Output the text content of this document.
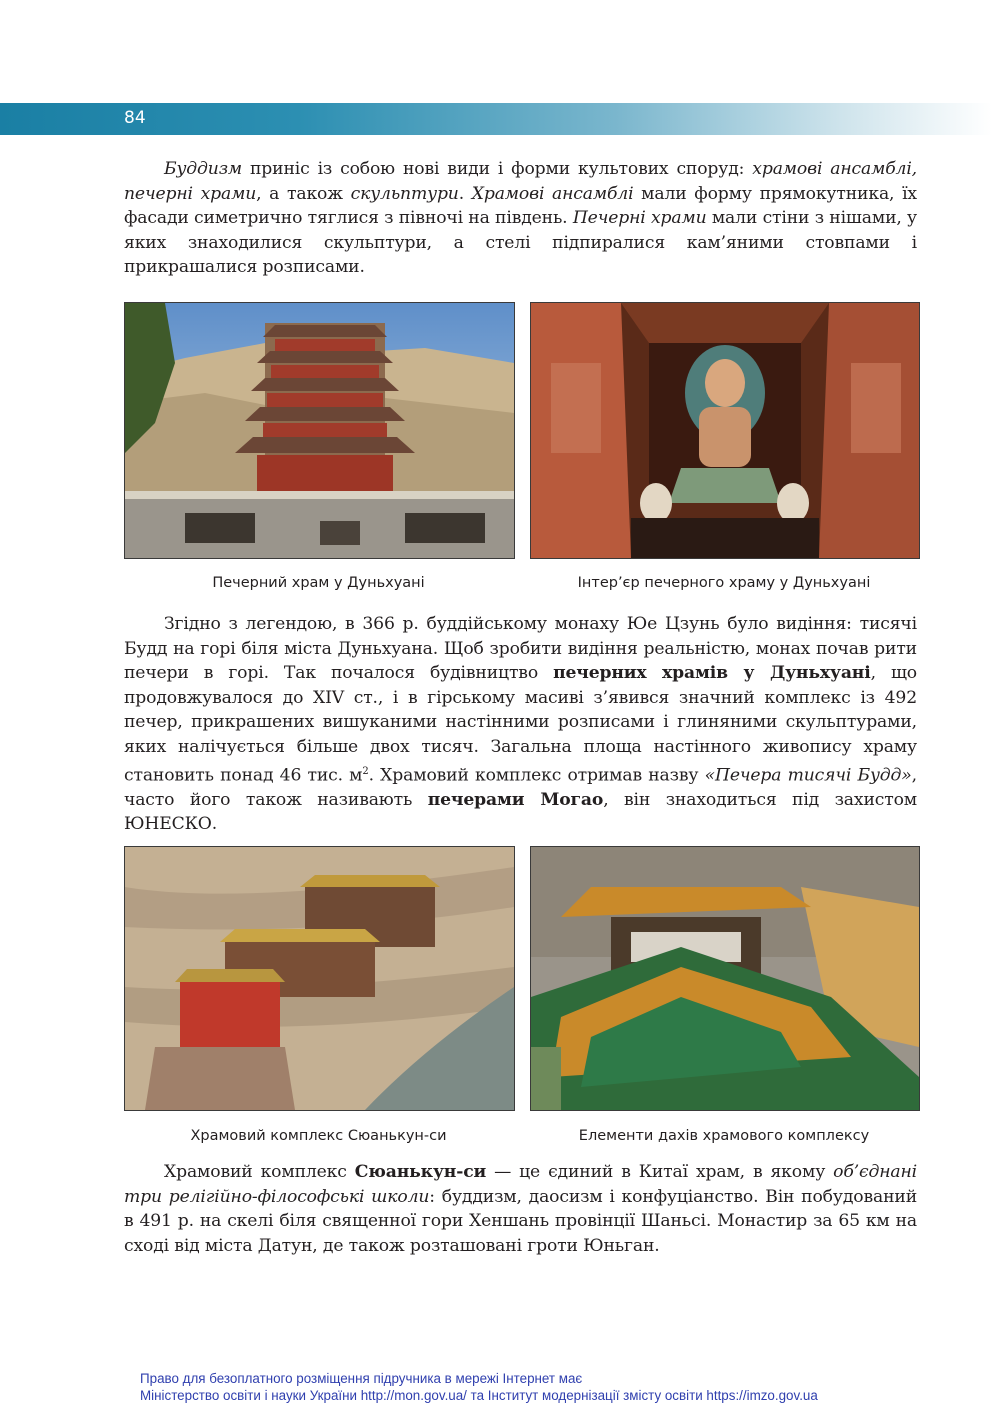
84

Буддизм приніс із собою нові види і форми культових споруд: храмові ансамблі, печерні храми, а також скульптури. Храмові ансамблі мали форму прямокутника, їх фасади симетрично тяглися з півночі на південь. Печерні храми мали стіни з нішами, у яких знаходилися скульптури, а стелі підпиралися кам’яними стовпами і прикрашалися розписами.

Печерний храм у Дуньхуані	Інтер’єр печерного храму у Дуньхуані

Згідно з легендою, в 366 р. буддійському монаху Юе Цзунь було видіння: тисячі Будд на горі біля міста Дуньхуана. Щоб зробити видіння реальністю, монах почав рити печери в горі. Так почалося будівництво печерних храмів у Дуньхуані, що продовжувалося до XIV ст., і в гірському масиві з’явився значний комплекс із 492 печер, прикрашених вишуканими настінними розписами і глиняними скульптурами, яких налічується більше двох тисяч. Загальна площа настінного живопису храму становить понад 46 тис. $м^2$. Храмовий комплекс отримав назву «Печера тисячі Будд», часто його також називають печерами Могао, він знаходиться під захистом ЮНЕСКО.

Храмовий комплекс Сюанькун-си	Елементи дахів храмового комплексу

Храмовий комплекс Сюанькун-си — це єдиний в Китаї храм, в якому об’єднані три релігійно-філософські школи: буддизм, даосизм і конфуціанство. Він побудований в 491 р. на скелі біля священної гори Хеншань провінції Шаньсі. Монастир за 65 км на сході від міста Датун, де також розташовані гроти Юньган.

Право для безоплатного розміщення підручника в мережі Інтернет має
Міністерство освіти і науки України http://mon.gov.ua/ та Інститут модернізації змісту освіти https://imzo.gov.ua
